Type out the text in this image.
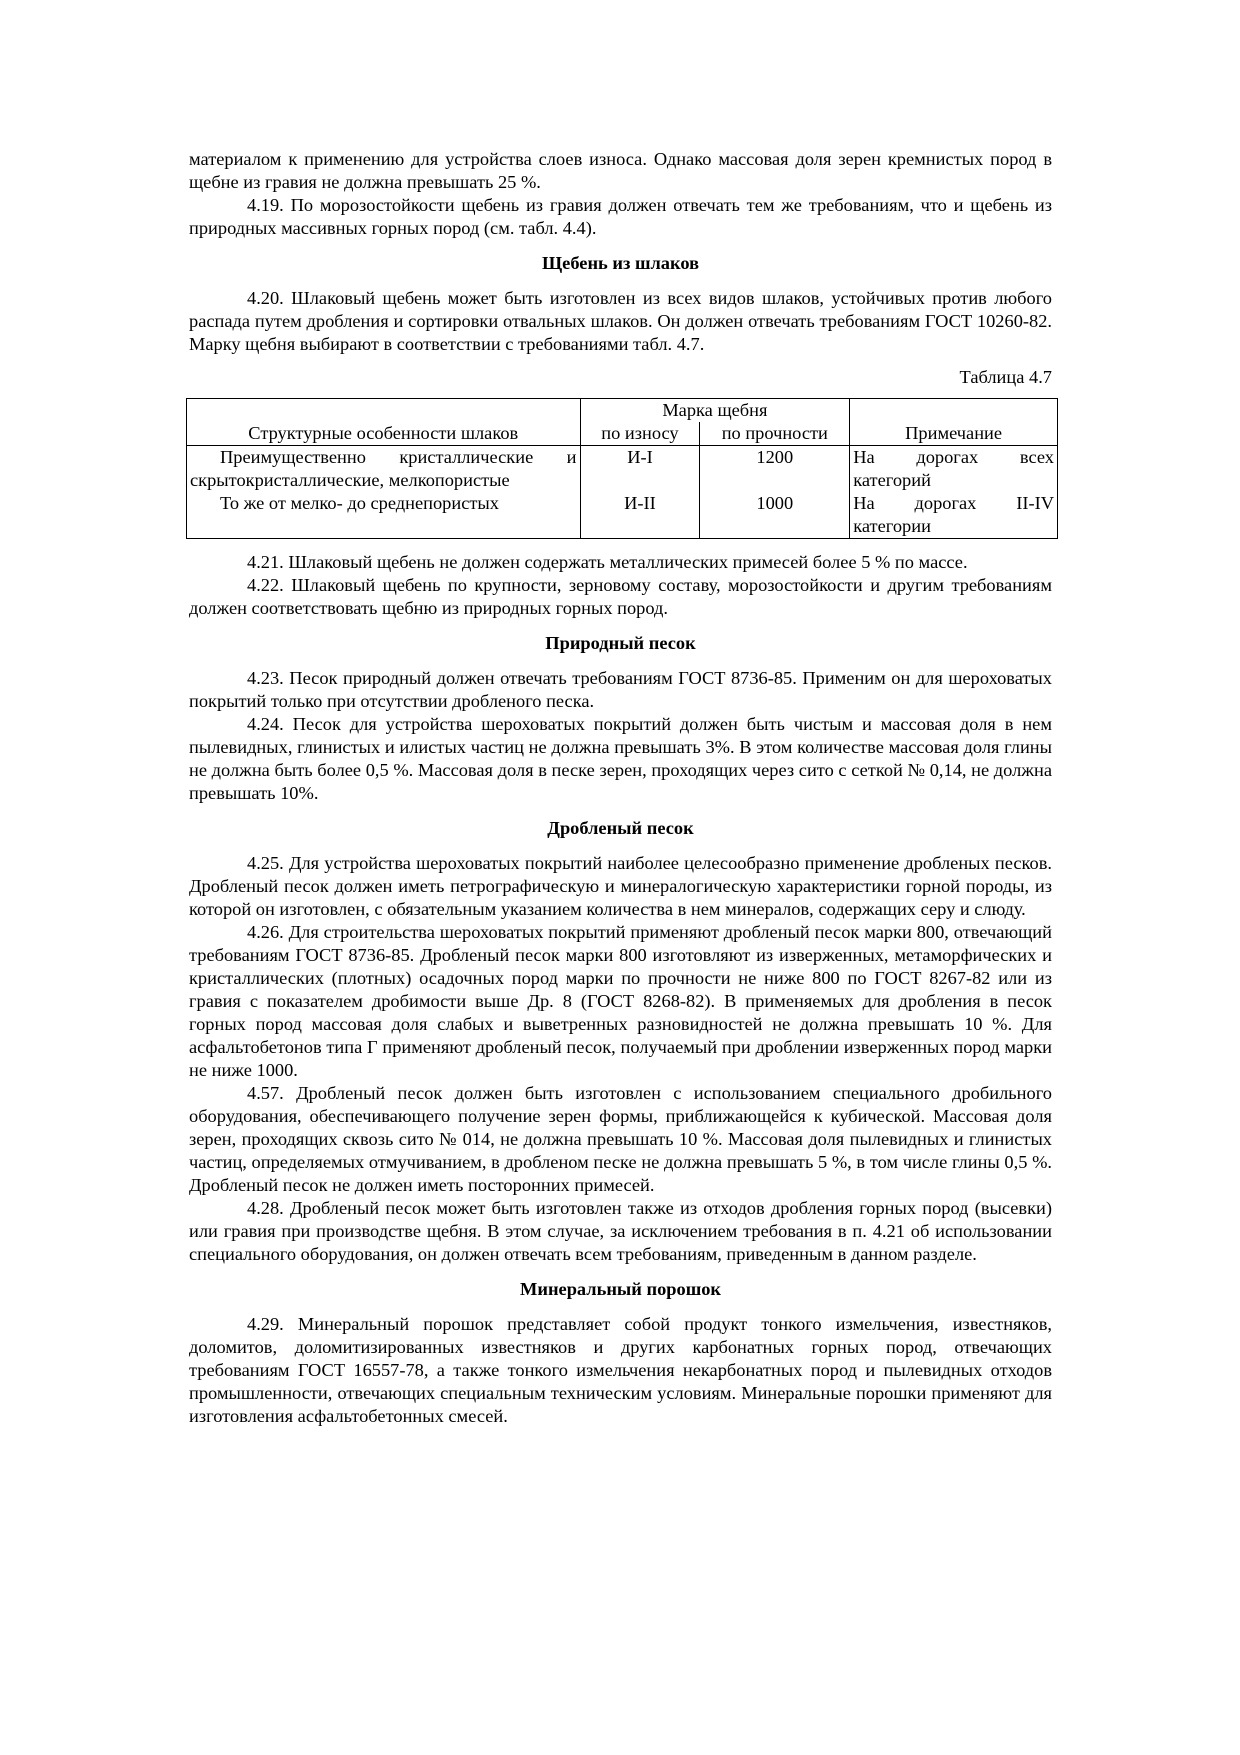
материалом к применению для устройства слоев износа. Однако массовая доля зерен кремнистых пород в щебне из гравия не должна превышать 25 %.

4.19. По морозостойкости щебень из гравия должен отвечать тем же требованиям, что и щебень из природных массивных горных пород (см. табл. 4.4).

Щебень из шлаков

4.20. Шлаковый щебень может быть изготовлен из всех видов шлаков, устойчивых против любого распада путем дробления и сортировки отвальных шлаков. Он должен отвечать требованиям ГОСТ 10260-82. Марку щебня выбирают в соответствии с требованиями табл. 4.7.

Таблица 4.7
Структурные особенности шлаков	Марка щебня		Примечание
	по износу	по прочности	

Преимущественно кристаллические и
скрытокристаллические, мелкопористые	И-I	1200	На дорогах всех
категорий

То же от мелко- до среднепористых	И-II	1000	На дорогах II-IV
категории

4.21. Шлаковый щебень не должен содержать металлических примесей более 5 % по массе.

4.22. Шлаковый щебень по крупности, зерновому составу, морозостойкости и другим требованиям должен соответствовать щебню из природных горных пород.

Природный песок

4.23. Песок природный должен отвечать требованиям ГОСТ 8736-85. Применим он для шероховатых покрытий только при отсутствии дробленого песка.

4.24. Песок для устройства шероховатых покрытий должен быть чистым и массовая доля в нем пылевидных, глинистых и илистых частиц не должна превышать 3%. В этом количестве массовая доля глины не должна быть более 0,5 %. Массовая доля в песке зерен, проходящих через сито с сеткой № 0,14, не должна превышать 10%.

Дробленый песок

4.25. Для устройства шероховатых покрытий наиболее целесообразно применение дробленых песков. Дробленый песок должен иметь петрографическую и минералогическую характеристики горной породы, из которой он изготовлен, с обязательным указанием количества в нем минералов, содержащих серу и слюду.

4.26. Для строительства шероховатых покрытий применяют дробленый песок марки 800, отвечающий требованиям ГОСТ 8736-85. Дробленый песок марки 800 изготовляют из изверженных, метаморфических и кристаллических (плотных) осадочных пород марки по прочности не ниже 800 по ГОСТ 8267-82 или из гравия с показателем дробимости выше Др. 8 (ГОСТ 8268-82). В применяемых для дробления в песок горных пород массовая доля слабых и выветренных разновидностей не должна превышать 10 %. Для асфальтобетонов типа Г применяют дробленый песок, получаемый при дроблении изверженных пород марки не ниже 1000.

4.57. Дробленый песок должен быть изготовлен с использованием специального дробильного оборудования, обеспечивающего получение зерен формы, приближающейся к кубической. Массовая доля зерен, проходящих сквозь сито № 014, не должна превышать 10 %. Массовая доля пылевидных и глинистых частиц, определяемых отмучиванием, в дробленом песке не должна превышать 5 %, в том числе глины 0,5 %. Дробленый песок не должен иметь посторонних примесей.

4.28. Дробленый песок может быть изготовлен также из отходов дробления горных пород (высевки) или гравия при производстве щебня. В этом случае, за исключением требования в п. 4.21 об использовании специального оборудования, он должен отвечать всем требованиям, приведенным в данном разделе.

Минеральный порошок

4.29. Минеральный порошок представляет собой продукт тонкого измельчения, известняков, доломитов, доломитизированных известняков и других карбонатных горных пород, отвечающих требованиям ГОСТ 16557-78, а также тонкого измельчения некарбонатных пород и пылевидных отходов промышленности, отвечающих специальным техническим условиям. Минеральные порошки применяют для изготовления асфальтобетонных смесей.
